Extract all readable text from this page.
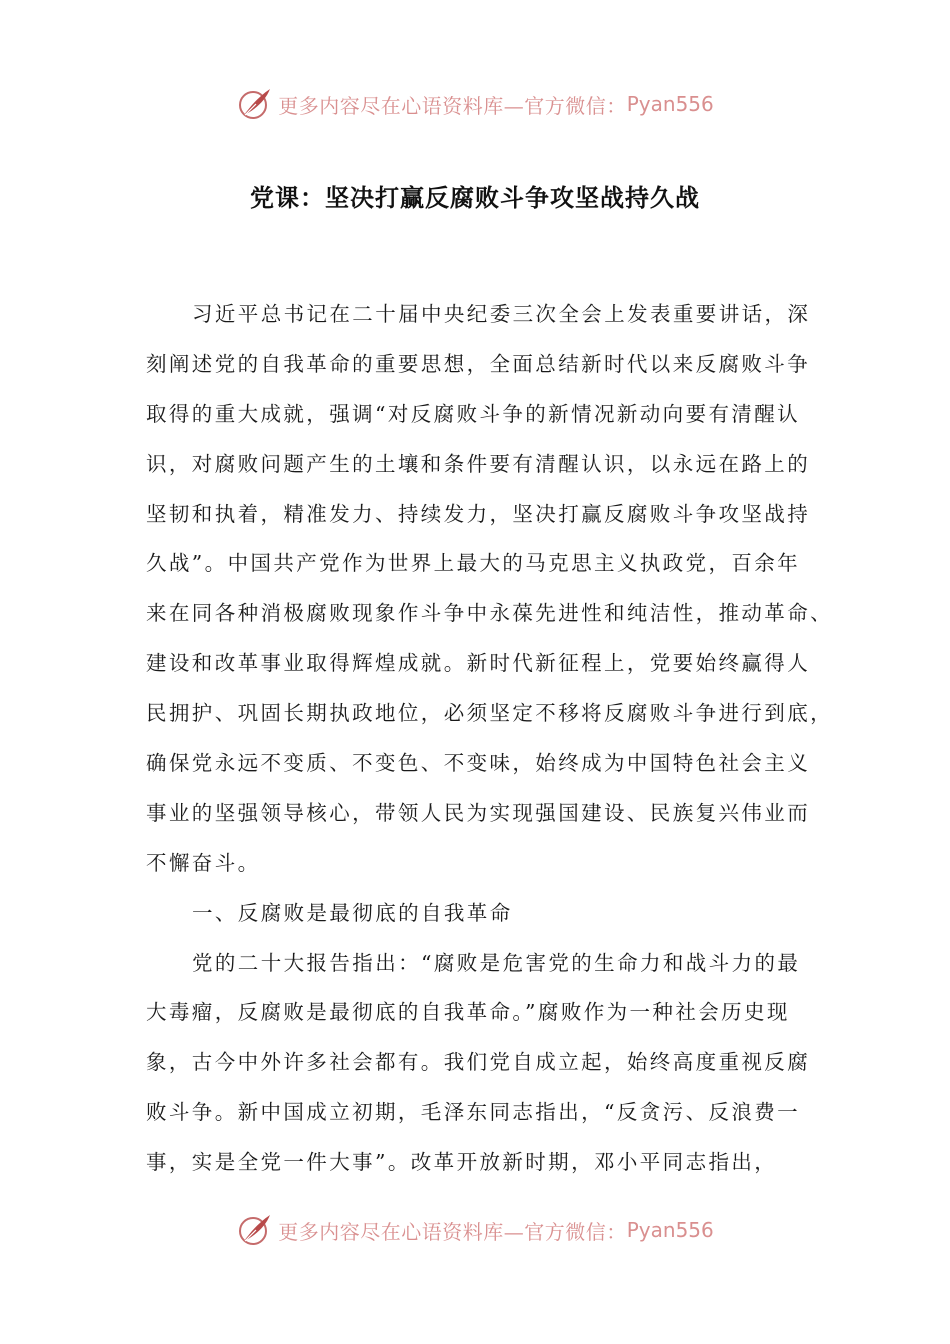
更多内容尽在心语资料库—官方微信： Pyan556
党课：坚决打赢反腐败斗争攻坚战持久战
习近平总书记在二十届中央纪委三次全会上发表重要讲话，深
刻阐述党的自我革命的重要思想，全面总结新时代以来反腐败斗争
取得的重大成就，强调“对反腐败斗争的新情况新动向要有清醒认
识，对腐败问题产生的土壤和条件要有清醒认识，以永远在路上的
坚韧和执着，精准发力、持续发力，坚决打赢反腐败斗争攻坚战持
久战”。中国共产党作为世界上最大的马克思主义执政党，百余年
来在同各种消极腐败现象作斗争中永葆先进性和纯洁性，推动革命、
建设和改革事业取得辉煌成就。新时代新征程上，党要始终赢得人
民拥护、巩固长期执政地位，必须坚定不移将反腐败斗争进行到底，
确保党永远不变质、不变色、不变味，始终成为中国特色社会主义
事业的坚强领导核心，带领人民为实现强国建设、民族复兴伟业而
不懈奋斗。
一、反腐败是最彻底的自我革命
党的二十大报告指出：“腐败是危害党的生命力和战斗力的最
大毒瘤，反腐败是最彻底的自我革命。”腐败作为一种社会历史现
象，古今中外许多社会都有。我们党自成立起，始终高度重视反腐
败斗争。新中国成立初期，毛泽东同志指出，“反贪污、反浪费一
事，实是全党一件大事”。改革开放新时期，邓小平同志指出，
更多内容尽在心语资料库—官方微信： Pyan556
